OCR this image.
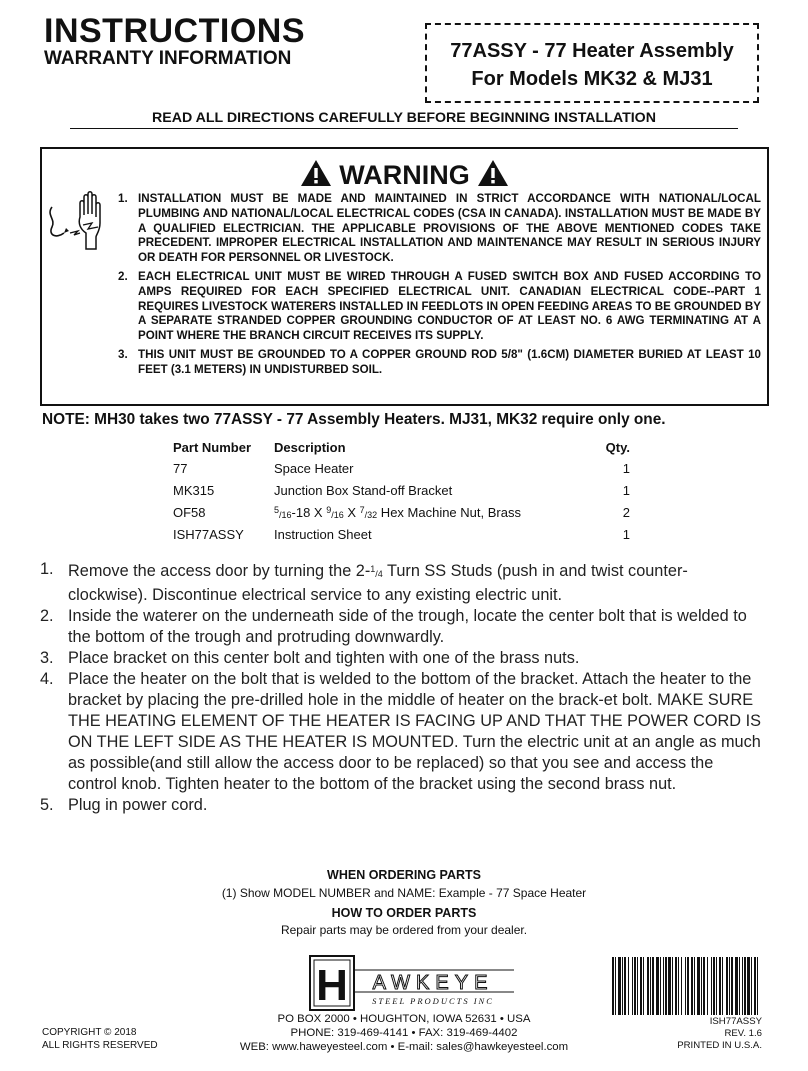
INSTRUCTIONS
WARRANTY INFORMATION	77ASSY - 77 Heater Assembly
For Models MK32 & MJ31
READ ALL DIRECTIONS CAREFULLY BEFORE BEGINNING INSTALLATION
WARNING
1. INSTALLATION MUST BE MADE AND MAINTAINED IN STRICT ACCORDANCE WITH NATIONAL/LOCAL PLUMBING AND NATIONAL/LOCAL ELECTRICAL CODES (CSA IN CANADA). INSTALLATION MUST BE MADE BY A QUALIFIED ELECTRICIAN. THE APPLICABLE PROVISIONS OF THE ABOVE MENTIONED CODES TAKE PRECEDENT. IMPROPER ELECTRICAL INSTALLATION AND MAINTENANCE MAY RESULT IN SERIOUS INJURY OR DEATH FOR PERSONNEL OR LIVESTOCK.
2. EACH ELECTRICAL UNIT MUST BE WIRED THROUGH A FUSED SWITCH BOX AND FUSED ACCORDING TO AMPS REQUIRED FOR EACH SPECIFIED ELECTRICAL UNIT. CANADIAN ELECTRICAL CODE--PART 1 REQUIRES LIVESTOCK WATERERS INSTALLED IN FEEDLOTS IN OPEN FEEDING AREAS TO BE GROUNDED BY A SEPARATE STRANDED COPPER GROUNDING CONDUCTOR OF AT LEAST NO. 6 AWG TERMINATING AT A POINT WHERE THE BRANCH CIRCUIT RECEIVES ITS SUPPLY.
3. THIS UNIT MUST BE GROUNDED TO A COPPER GROUND ROD 5/8" (1.6CM) DIAMETER BURIED AT LEAST 10 FEET (3.1 METERS) IN UNDISTURBED SOIL.
NOTE: MH30 takes two 77ASSY - 77 Assembly Heaters. MJ31, MK32 require only one.
Part Number	Description	Qty.
77	Space Heater	1
MK315	Junction Box Stand-off Bracket	1
OF58	$^5_{/16}$-18 X $^9_{/16}$ X $^7_{/32}$ Hex Machine Nut, Brass	2
ISH77ASSY	Instruction Sheet	1
1. Remove the access door by turning the 2-$^1_{/4}$ Turn SS Studs (push in and twist counter-clockwise). Discontinue electrical service to any existing electric unit.
2. Inside the waterer on the underneath side of the trough, locate the center bolt that is welded to the bottom of the trough and protruding downwardly.
3. Place bracket on this center bolt and tighten with one of the brass nuts.
4. Place the heater on the bolt that is welded to the bottom of the bracket. Attach the heater to the bracket by placing the pre-drilled hole in the middle of heater on the brack-et bolt. MAKE SURE THE HEATING ELEMENT OF THE HEATER IS FACING UP AND THAT THE POWER CORD IS ON THE LEFT SIDE AS THE HEATER IS MOUNTED. Turn the electric unit at an angle as much as possible(and still allow the access door to be replaced) so that you see and access the control knob. Tighten heater to the bottom of the bracket using the second brass nut.
5. Plug in power cord.
WHEN ORDERING PARTS
(1) Show MODEL NUMBER and NAME: Example - 77 Space Heater
HOW TO ORDER PARTS
Repair parts may be ordered from your dealer.
H AWKEYE
STEEL PRODUCTS INC
PO BOX 2000 • HOUGHTON, IOWA 52631 • USA
PHONE: 319-469-4141 • FAX: 319-469-4402
WEB: www.haweyesteel.com • E-mail: sales@hawkeyesteel.com
COPYRIGHT © 2018
ALL RIGHTS RESERVED
ISH77ASSY
REV. 1.6
PRINTED IN U.S.A.
